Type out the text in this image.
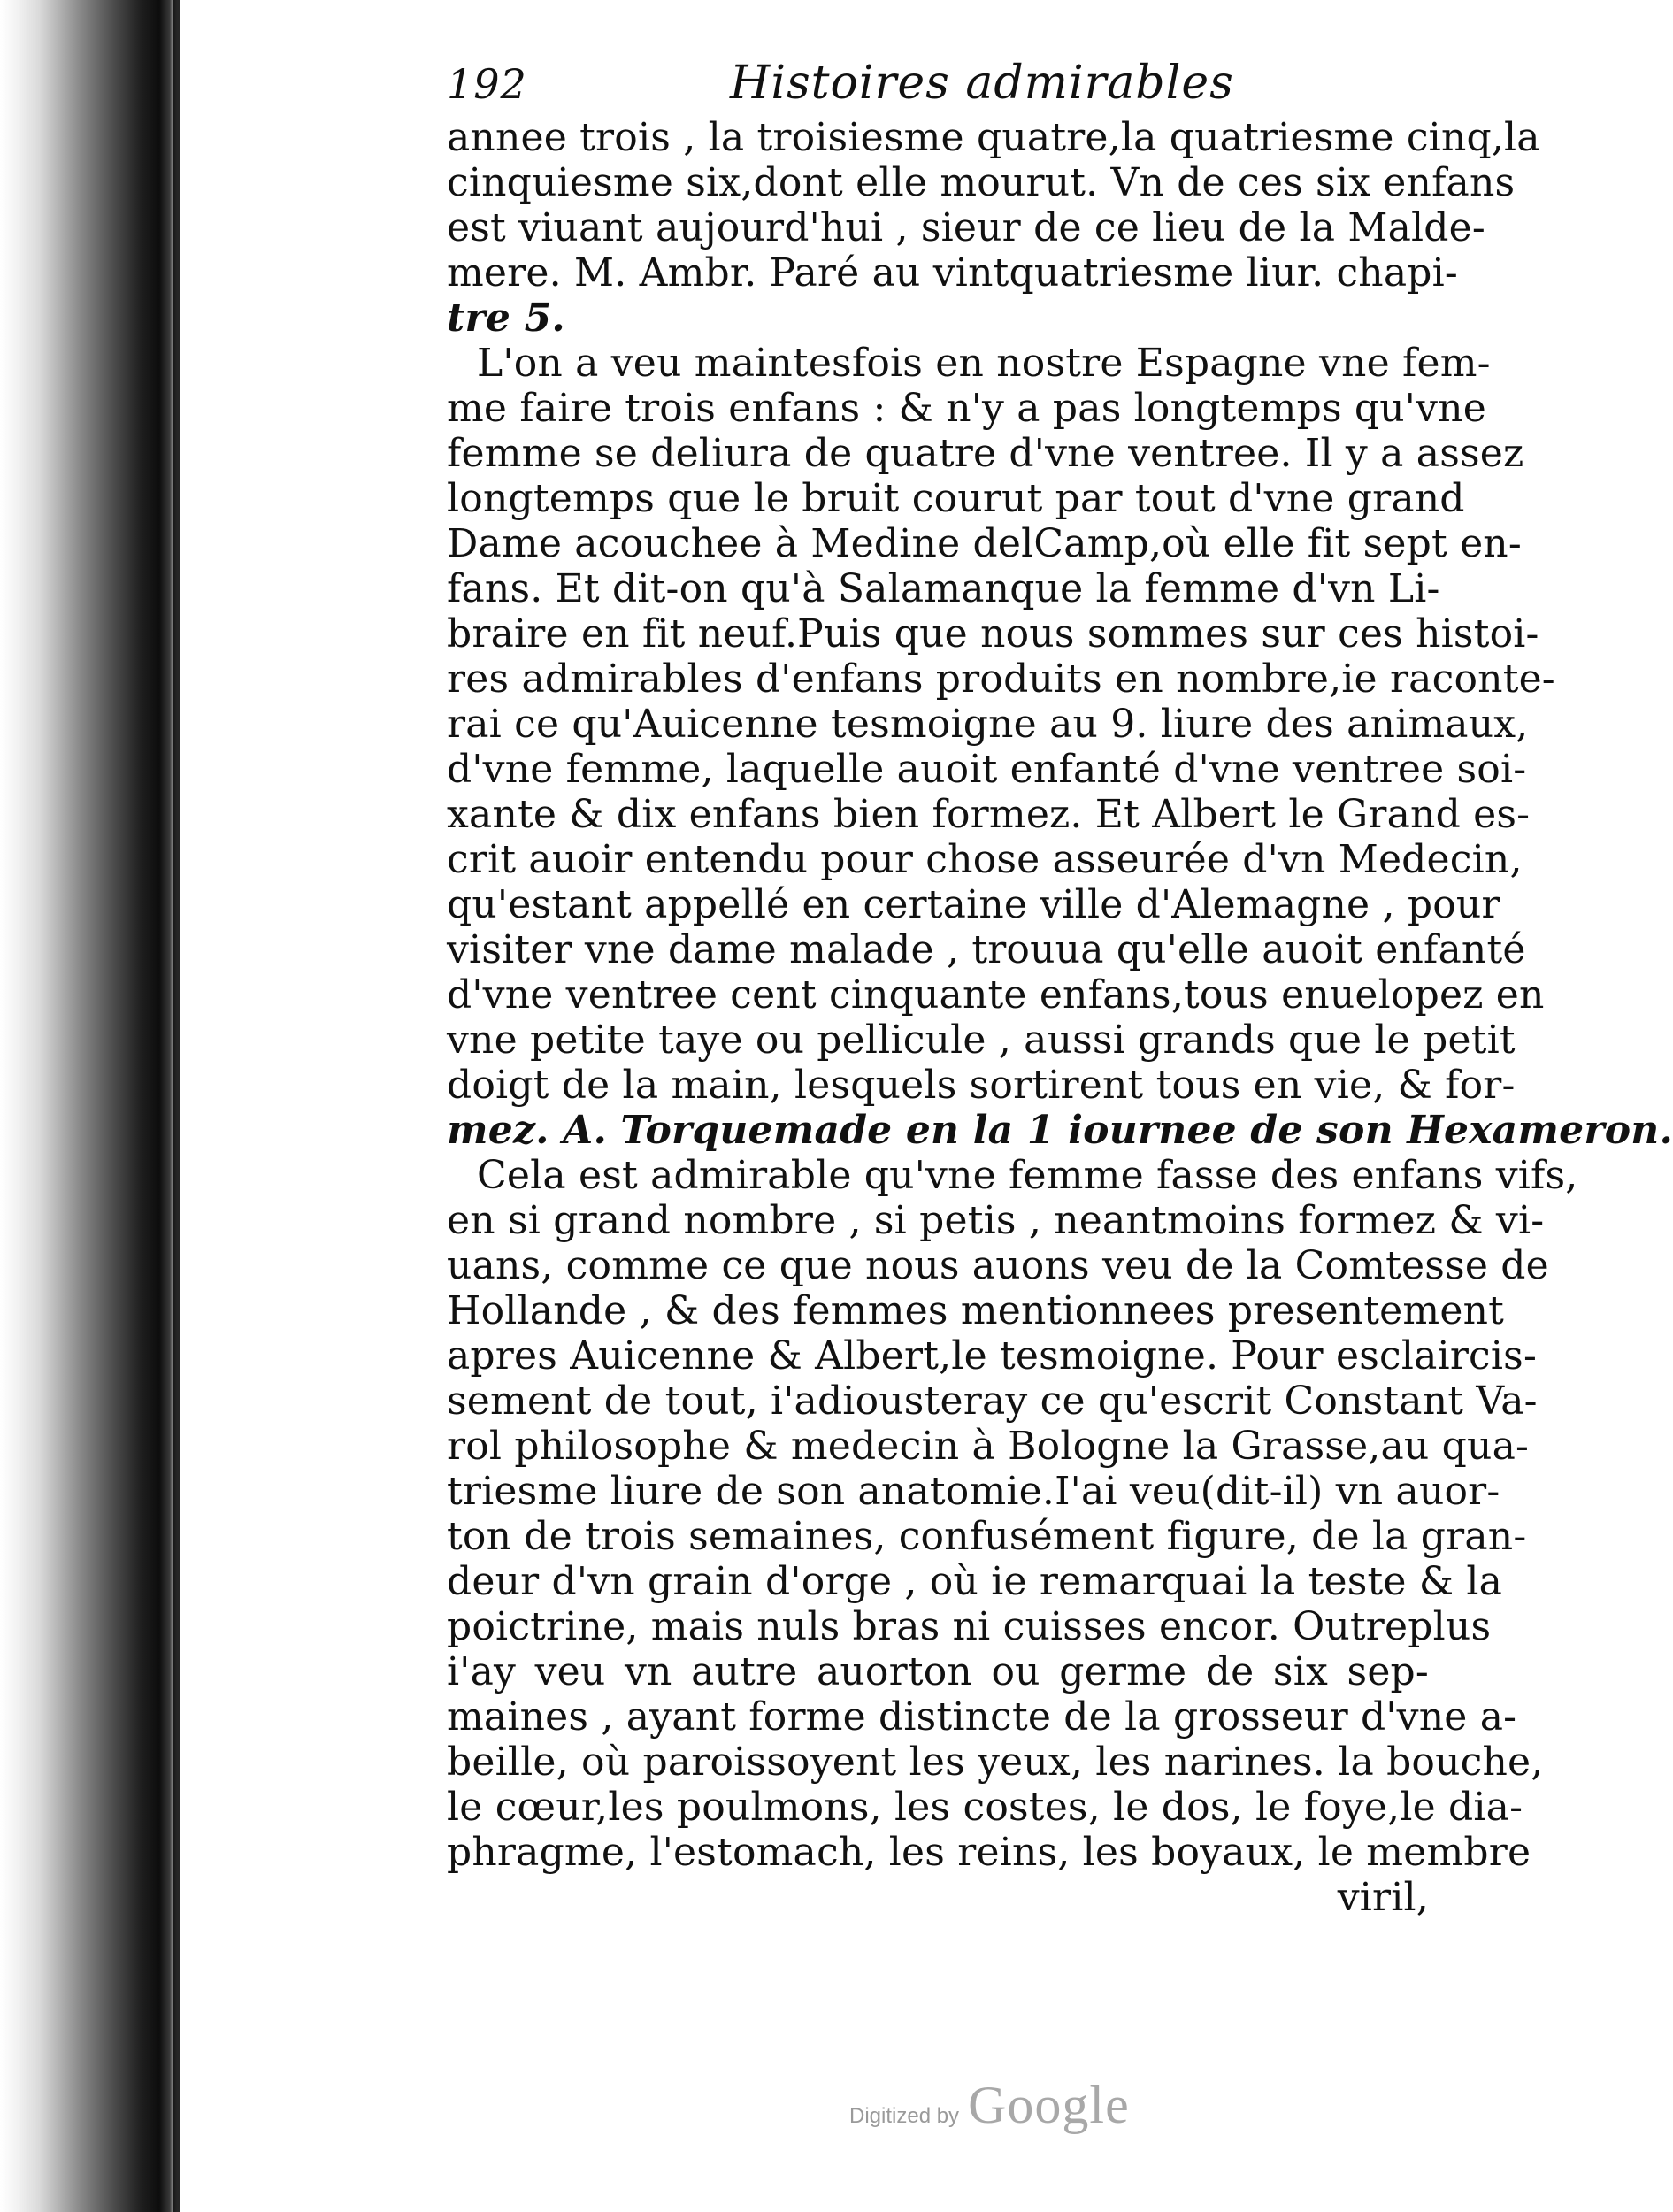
192	Histoires admirables
annee trois , la troisiesme quatre,la quatriesme cinq,la
cinquiesme six,dont elle mourut. Vn de ces six enfans
est viuant aujourd'hui , sieur de ce lieu de la Malde-
mere. M. Ambr. Paré au vintquatriesme liur. chapi-
tre 5.
L'on a veu maintesfois en nostre Espagne vne fem-
me faire trois enfans : & n'y a pas longtemps qu'vne
femme se deliura de quatre d'vne ventree. Il y a assez
longtemps que le bruit courut par tout d'vne grand
Dame acouchee à Medine delCamp,où elle fit sept en-
fans. Et dit-on qu'à Salamanque la femme d'vn Li-
braire en fit neuf.Puis que nous sommes sur ces histoi-
res admirables d'enfans produits en nombre,ie raconte-
rai ce qu'Auicenne tesmoigne au 9. liure des animaux,
d'vne femme, laquelle auoit enfanté d'vne ventree soi-
xante & dix enfans bien formez. Et Albert le Grand es-
crit auoir entendu pour chose asseurée d'vn Medecin,
qu'estant appellé en certaine ville d'Alemagne , pour
visiter vne dame malade , trouua qu'elle auoit enfanté
d'vne ventree cent cinquante enfans,tous enuelopez en
vne petite taye ou pellicule , aussi grands que le petit
doigt de la main, lesquels sortirent tous en vie, & for-
mez. A. Torquemade en la 1 iournee de son Hexameron.
Cela est admirable qu'vne femme fasse des enfans vifs,
en si grand nombre , si petis , neantmoins formez & vi-
uans, comme ce que nous auons veu de la Comtesse de
Hollande , & des femmes mentionnees presentement
apres Auicenne & Albert,le tesmoigne. Pour esclaircis-
sement de tout, i'adiousteray ce qu'escrit Constant Va-
rol philosophe & medecin à Bologne la Grasse,au qua-
triesme liure de son anatomie.I'ai veu(dit-il) vn auor-
ton de trois semaines, confusément figure, de la gran-
deur d'vn grain d'orge , où ie remarquai la teste & la
poictrine, mais nuls bras ni cuisses encor. Outreplus
i'ay veu vn autre auorton ou germe de six sep-
maines , ayant forme distincte de la grosseur d'vne a-
beille, où paroissoyent les yeux, les narines. la bouche,
le cœur,les poulmons, les costes, le dos, le foye,le dia-
phragme, l'estomach, les reins, les boyaux, le membre
viril,
Digitized by Google
